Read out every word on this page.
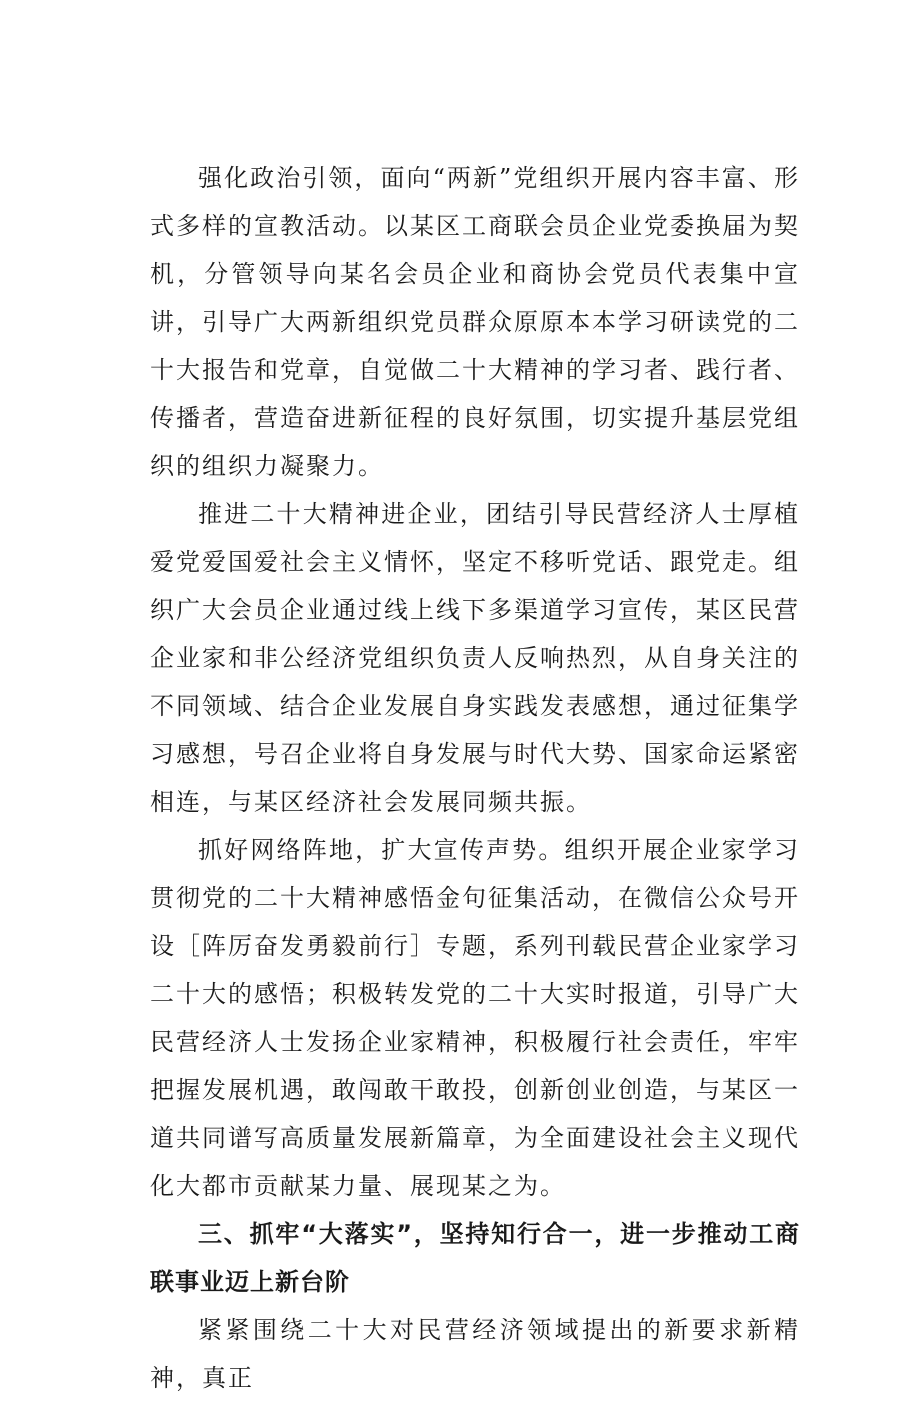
强化政治引领，面向“两新”党组织开展内容丰富、形式多样的宣教活动。以某区工商联会员企业党委换届为契机，分管领导向某名会员企业和商协会党员代表集中宣讲，引导广大两新组织党员群众原原本本学习研读党的二十大报告和党章，自觉做二十大精神的学习者、践行者、传播者，营造奋进新征程的良好氛围，切实提升基层党组织的组织力凝聚力。

推进二十大精神进企业，团结引导民营经济人士厚植爱党爱国爱社会主义情怀，坚定不移听党话、跟党走。组织广大会员企业通过线上线下多渠道学习宣传，某区民营企业家和非公经济党组织负责人反响热烈，从自身关注的不同领域、结合企业发展自身实践发表感想，通过征集学习感想，号召企业将自身发展与时代大势、国家命运紧密相连，与某区经济社会发展同频共振。

抓好网络阵地，扩大宣传声势。组织开展企业家学习贯彻党的二十大精神感悟金句征集活动，在微信公众号开设［阵厉奋发勇毅前行］专题，系列刊载民营企业家学习二十大的感悟；积极转发党的二十大实时报道，引导广大民营经济人士发扬企业家精神，积极履行社会责任，牢牢把握发展机遇，敢闯敢干敢投，创新创业创造，与某区一道共同谱写高质量发展新篇章，为全面建设社会主义现代化大都市贡献某力量、展现某之为。

三、抓牢“大落实”，坚持知行合一，进一步推动工商联事业迈上新台阶

紧紧围绕二十大对民营经济领域提出的新要求新精神，真正
